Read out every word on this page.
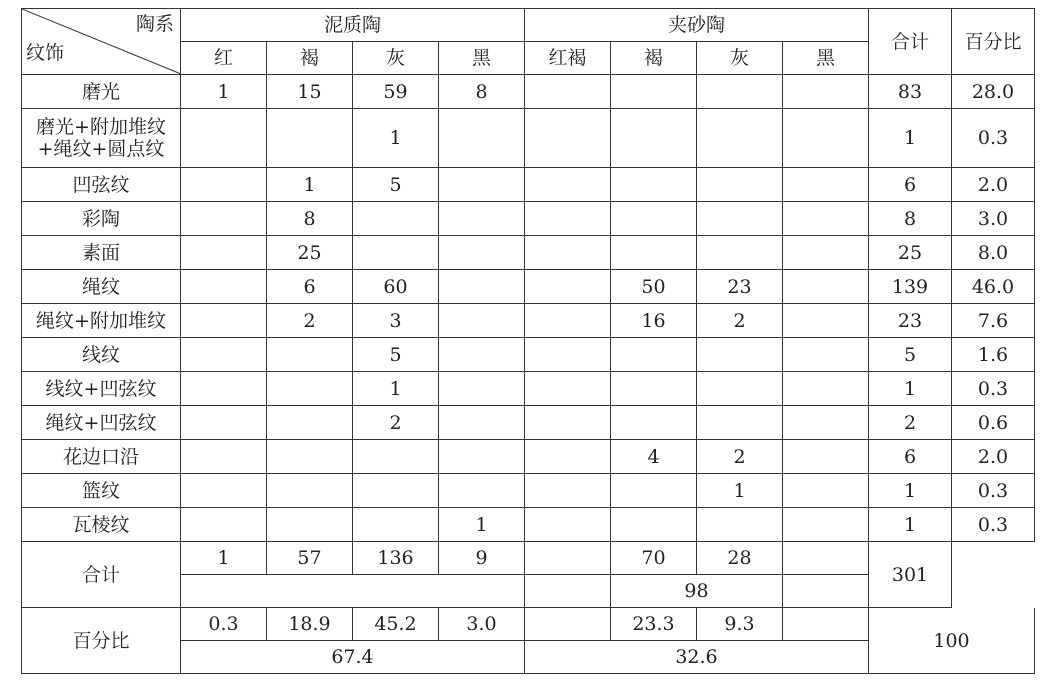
陶系
纹饰	泥质陶				夹砂陶				合计	百分比
	红	褐	灰	黑	红褐	褐	灰	黑		
磨光	1	15	59	8					83	28.0
磨光+附加堆纹
+绳纹+圆点纹			1						1	0.3
凹弦纹		1	5						6	2.0
彩陶		8							8	3.0
素面		25							25	8.0
绳纹		6	60			50	23		139	46.0
绳纹+附加堆纹		2	3			16	2		23	7.6
线纹			5						5	1.6
线纹+凹弦纹			1						1	0.3
绳纹+凹弦纹			2						2	0.6
花边口沿						4	2		6	2.0
篮纹							1		1	0.3
瓦棱纹				1					1	0.3
合计	1	57	136	9		70	28		301	
						98				
百分比	0.3	18.9	45.2	3.0		23.3	9.3		100	
	67.4				32.6					
